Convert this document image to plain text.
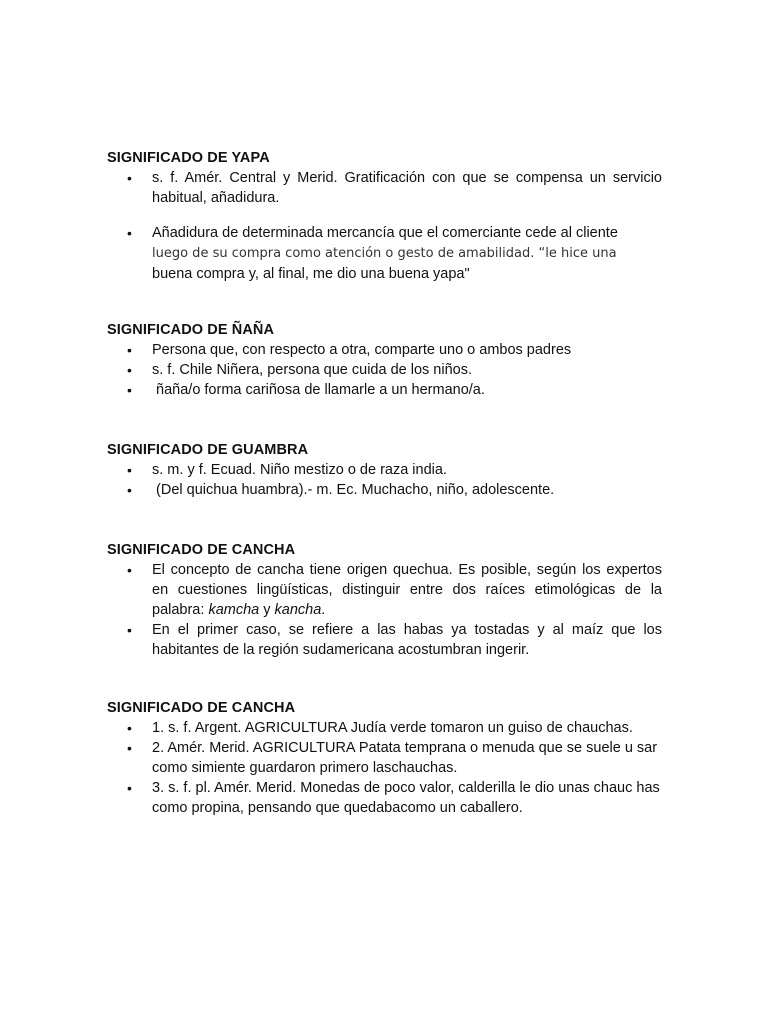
SIGNIFICADO DE YAPA
• s. f. Amér. Central y Merid. Gratificación con que se compensa un servicio habitual, añadidura.
• Añadidura de determinada mercancía que el comerciante cede al cliente
luego de su compra como atención o gesto de amabilidad. “le hice una
buena compra y, al final, me dio una buena yapa"
SIGNIFICADO DE ÑAÑA
• Persona que, con respecto a otra, comparte uno o ambos padres
• s. f. Chile Niñera, persona que cuida de los niños.
•  ñaña/o forma cariñosa de llamarle a un hermano/a.
SIGNIFICADO DE GUAMBRA
• s. m. y f. Ecuad. Niño mestizo o de raza india.
•  (Del quichua huambra).- m. Ec. Muchacho, niño, adolescente.
SIGNIFICADO DE CANCHA
• El concepto de cancha tiene origen quechua. Es posible, según los expertos en cuestiones lingüísticas, distinguir entre dos raíces etimológicas de la palabra: kamcha y kancha.
• En el primer caso, se refiere a las habas ya tostadas y al maíz que los habitantes de la región sudamericana acostumbran ingerir.
SIGNIFICADO DE CANCHA
• 1. s. f. Argent. AGRICULTURA Judía verde tomaron un guiso de chauchas.
• 2. Amér. Merid. AGRICULTURA Patata temprana o menuda que se suele u sar como simiente guardaron primero laschauchas.
• 3. s. f. pl. Amér. Merid. Monedas de poco valor, calderilla le dio unas chauc has como propina, pensando que quedabacomo un caballero.
